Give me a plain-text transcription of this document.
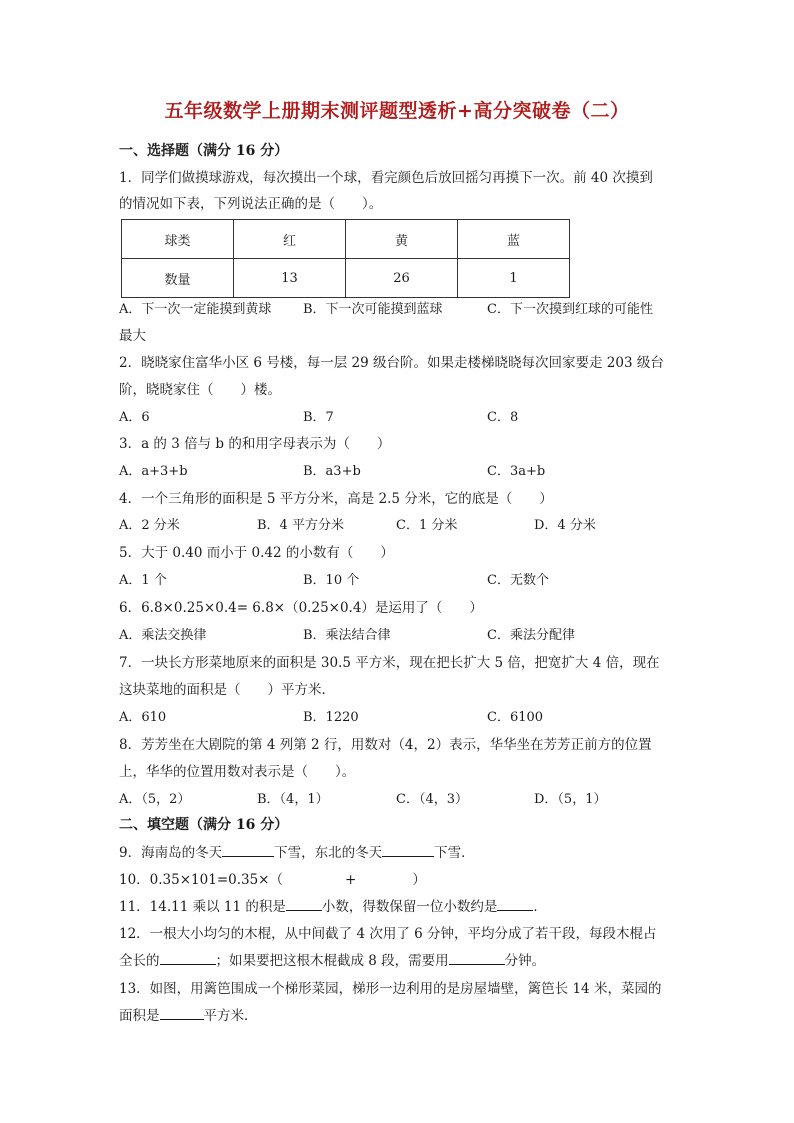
五年级数学上册期末测评题型透析+高分突破卷（二）
一、选择题（满分 16 分）
1．同学们做摸球游戏，每次摸出一个球，看完颜色后放回摇匀再摸下一次。前 40 次摸到
的情况如下表，下列说法正确的是（　　）。
球类	红	黄	蓝
数量	13	26	1
A．下一次一定能摸到黄球 B．下一次可能摸到蓝球	C．下一次摸到红球的可能性
最大
2．晓晓家住富华小区 6 号楼，每一层 29 级台阶。如果走楼梯晓晓每次回家要走 203 级台
阶，晓晓家住（　　）楼。
A．6	B．7	C．8
3．a 的 3 倍与 b 的和用字母表示为（　　）
A．a+3+b	B．a3+b	C．3a+b
4．一个三角形的面积是 5 平方分米，高是 2.5 分米，它的底是（　　）
A．2 分米	B．4 平方分米	C．1 分米	D．4 分米
5．大于 0.40 而小于 0.42 的小数有（　　）
A．1 个	B．10 个	C．无数个
6．6.8×0.25×0.4= 6.8×（0.25×0.4）是运用了（　　）
A．乘法交换律	B．乘法结合律	C．乘法分配律
7．一块长方形菜地原来的面积是 30.5 平方米，现在把长扩大 5 倍，把宽扩大 4 倍，现在
这块菜地的面积是（　　）平方米．
A．610	B．1220	C．6100
8．芳芳坐在大剧院的第 4 列第 2 行，用数对（4，2）表示，华华坐在芳芳正前方的位置
上，华华的位置用数对表示是（　　）。
A．（5，2）	B．（4，1）	C．（4，3）	D．（5，1）
二、填空题（满分 16 分）
9．海南岛的冬天	下雪，东北的冬天	下雪．
10．0.35×101=0.35×（	+	）
11．14.11 乘以 11 的积是	小数，得数保留一位小数约是	．
12．一根大小均匀的木棍，从中间截了 4 次用了 6 分钟，平均分成了若干段，每段木棍占
全长的	；如果要把这根木棍截成 8 段，需要用	分钟。
13．如图，用篱笆围成一个梯形菜园，梯形一边利用的是房屋墙壁，篱笆长 14 米，菜园的
面积是	平方米．
